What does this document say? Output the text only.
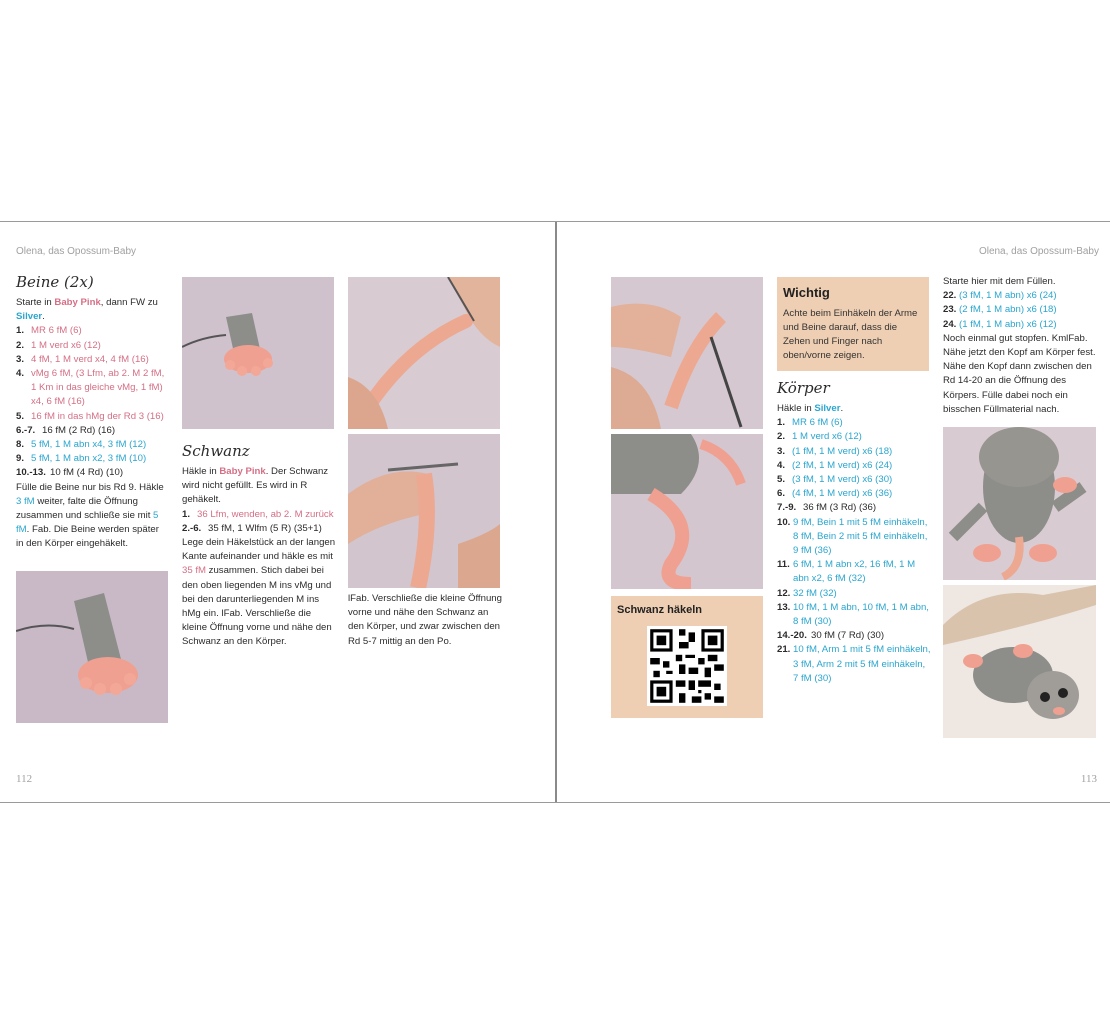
Olena, das Opossum-Baby
Beine (2x)

Starte in Baby Pink, dann FW zu Silver.

1. MR 6 fM (6)
2. 1 M verd x6 (12)
3. 4 fM, 1 M verd x4, 4 fM (16)
4. vMg 6 fM, (3 Lfm, ab 2. M 2 fM, 1 Km in das gleiche vMg, 1 fM) x4, 6 fM (16)
5. 16 fM in das hMg der Rd 3 (16)
6.-7. 16 fM (2 Rd) (16)
8. 5 fM, 1 M abn x4, 3 fM (12)
9. 5 fM, 1 M abn x2, 3 fM (10)
10.-13. 10 fM (4 Rd) (10)

Fülle die Beine nur bis Rd 9. Häkle 3 fM weiter, falte die Öffnung zusammen und schließe sie mit 5 fM. Fab. Die Beine werden später in den Körper eingehäkelt.

Schwanz

Häkle in Baby Pink. Der Schwanz wird nicht gefüllt. Es wird in R gehäkelt.

1. 36 Lfm, wenden, ab 2. M zurück
2.-6. 35 fM, 1 Wlfm (5 R) (35+1)

Lege dein Häkelstück an der langen Kante aufeinander und häkle es mit 35 fM zusammen. Stich dabei bei den oben liegenden M ins vMg und bei den darunterliegenden M ins hMg ein. lFab. Verschließe die kleine Öffnung vorne und nähe den Schwanz an den Körper.

lFab. Verschließe die kleine Öffnung vorne und nähe den Schwanz an den Körper, und zwar zwischen den Rd 5-7 mittig an den Po.

112
Olena, das Opossum-Baby
Schwanz häkeln
Wichtig
Achte beim Einhäkeln der Arme und Beine darauf, dass die Zehen und Finger nach oben/vorne zeigen.
Körper

Häkle in Silver.

1. MR 6 fM (6)
2. 1 M verd x6 (12)
3. (1 fM, 1 M verd) x6 (18)
4. (2 fM, 1 M verd) x6 (24)
5. (3 fM, 1 M verd) x6 (30)
6. (4 fM, 1 M verd) x6 (36)
7.-9. 36 fM (3 Rd) (36)
10. 9 fM, Bein 1 mit 5 fM einhäkeln, 8 fM, Bein 2 mit 5 fM einhäkeln, 9 fM (36)
11. 6 fM, 1 M abn x2, 16 fM, 1 M abn x2, 6 fM (32)
12. 32 fM (32)
13. 10 fM, 1 M abn, 10 fM, 1 M abn, 8 fM (30)
14.-20. 30 fM (7 Rd) (30)
21. 10 fM, Arm 1 mit 5 fM einhäkeln, 3 fM, Arm 2 mit 5 fM einhäkeln, 7 fM (30)

Starte hier mit dem Füllen.

22. (3 fM, 1 M abn) x6 (24)
23. (2 fM, 1 M abn) x6 (18)
24. (1 fM, 1 M abn) x6 (12)

Noch einmal gut stopfen. KmlFab. Nähe jetzt den Kopf am Körper fest. Nähe den Kopf dann zwischen den Rd 14-20 an die Öffnung des Körpers. Fülle dabei noch ein bisschen Füllmaterial nach.

113
